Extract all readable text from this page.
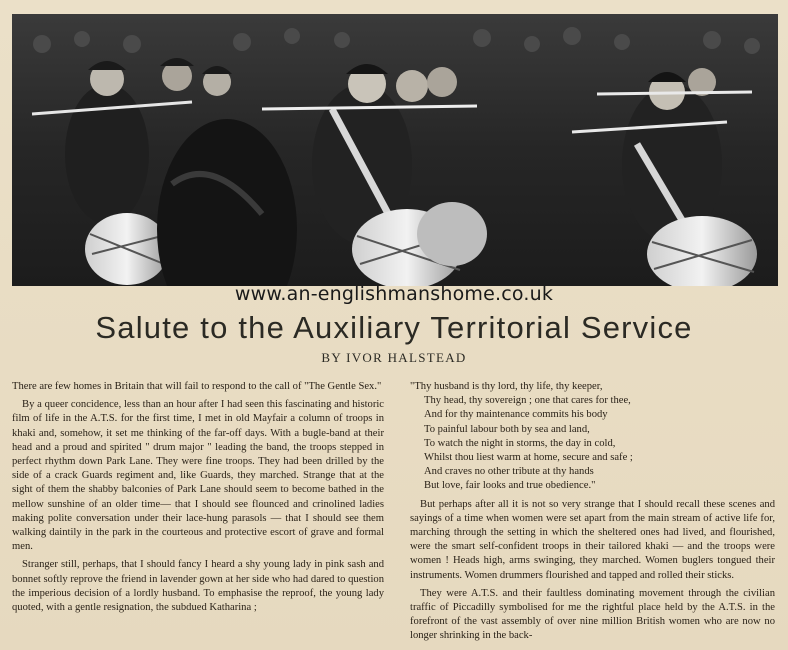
www.an-englishmanshome.co.uk
Salute to the Auxiliary Territorial Service
BY IVOR HALSTEAD

There are few homes in Britain that will fail to respond to the call of "The Gentle Sex."

By a queer concidence, less than an hour after I had seen this fascinating and historic film of life in the A.T.S. for the first time, I met in old Mayfair a column of troops in khaki and, somehow, it set me thinking of the far-off days. With a bugle-band at their head and a proud and spirited " drum major " leading the band, the troops stepped in perfect rhythm down Park Lane. They were fine troops. They had been drilled by the side of a crack Guards regiment and, like Guards, they marched. Strange that at the sight of them the shabby balconies of Park Lane should seem to become bathed in the mellow sunshine of an older time— that I should see flounced and crinolined ladies making polite conversation under their lace-hung parasols — that I should see them walking daintily in the park in the courteous and protective escort of grave and formal men.

Stranger still, perhaps, that I should fancy I heard a shy young lady in pink sash and bonnet softly reprove the friend in lavender gown at her side who had dared to question the imperious decision of a lordly husband. To emphasise the reproof, the young lady quoted, with a gentle resignation, the subdued Katharina ;

"Thy husband is thy lord, thy life, thy keeper,
Thy head, thy sovereign ; one that cares for thee,
And for thy maintenance commits his body
To painful labour both by sea and land,
To watch the night in storms, the day in cold,
Whilst thou liest warm at home, secure and safe ;
And craves no other tribute at thy hands
But love, fair looks and true obedience."

But perhaps after all it is not so very strange that I should recall these scenes and sayings of a time when women were set apart from the main stream of active life for, marching through the setting in which the sheltered ones had lived, and flourished, were the smart self-confident troops in their tailored khaki — and the troops were women ! Heads high, arms swinging, they marched. Women buglers tongued their instruments. Women drummers flourished and tapped and rolled their sticks.

They were A.T.S. and their faultless dominating movement through the civilian traffic of Piccadilly symbolised for me the rightful place held by the A.T.S. in the forefront of the vast assembly of over nine million British women who are now no longer shrinking in the back-
